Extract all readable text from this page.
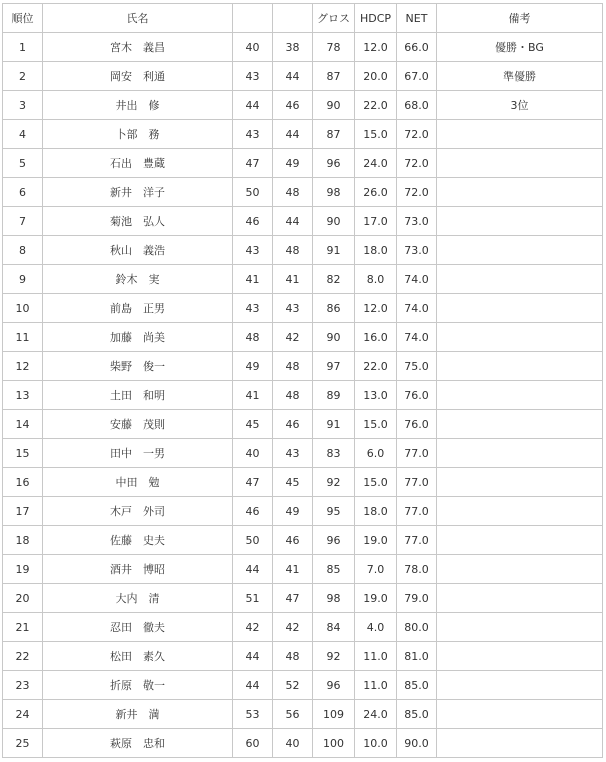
順位	氏名			グロス	HDCP	NET	備考
1	宮木　義昌	40	38	78	12.0	66.0	優勝・BG
2	岡安　利通	43	44	87	20.0	67.0	準優勝
3	井出　修	44	46	90	22.0	68.0	3位
4	卜部　務	43	44	87	15.0	72.0	
5	石出　豊蔵	47	49	96	24.0	72.0	
6	新井　洋子	50	48	98	26.0	72.0	
7	菊池　弘人	46	44	90	17.0	73.0	
8	秋山　義浩	43	48	91	18.0	73.0	
9	鈴木　実	41	41	82	8.0	74.0	
10	前島　正男	43	43	86	12.0	74.0	
11	加藤　尚美	48	42	90	16.0	74.0	
12	柴野　俊一	49	48	97	22.0	75.0	
13	土田　和明	41	48	89	13.0	76.0	
14	安藤　茂則	45	46	91	15.0	76.0	
15	田中　一男	40	43	83	6.0	77.0	
16	中田　勉	47	45	92	15.0	77.0	
17	木戸　外司	46	49	95	18.0	77.0	
18	佐藤　史夫	50	46	96	19.0	77.0	
19	酒井　博昭	44	41	85	7.0	78.0	
20	大内　清	51	47	98	19.0	79.0	
21	忍田　徹夫	42	42	84	4.0	80.0	
22	松田　素久	44	48	92	11.0	81.0	
23	折原　敬一	44	52	96	11.0	85.0	
24	新井　満	53	56	109	24.0	85.0	
25	萩原　忠和	60	40	100	10.0	90.0	
